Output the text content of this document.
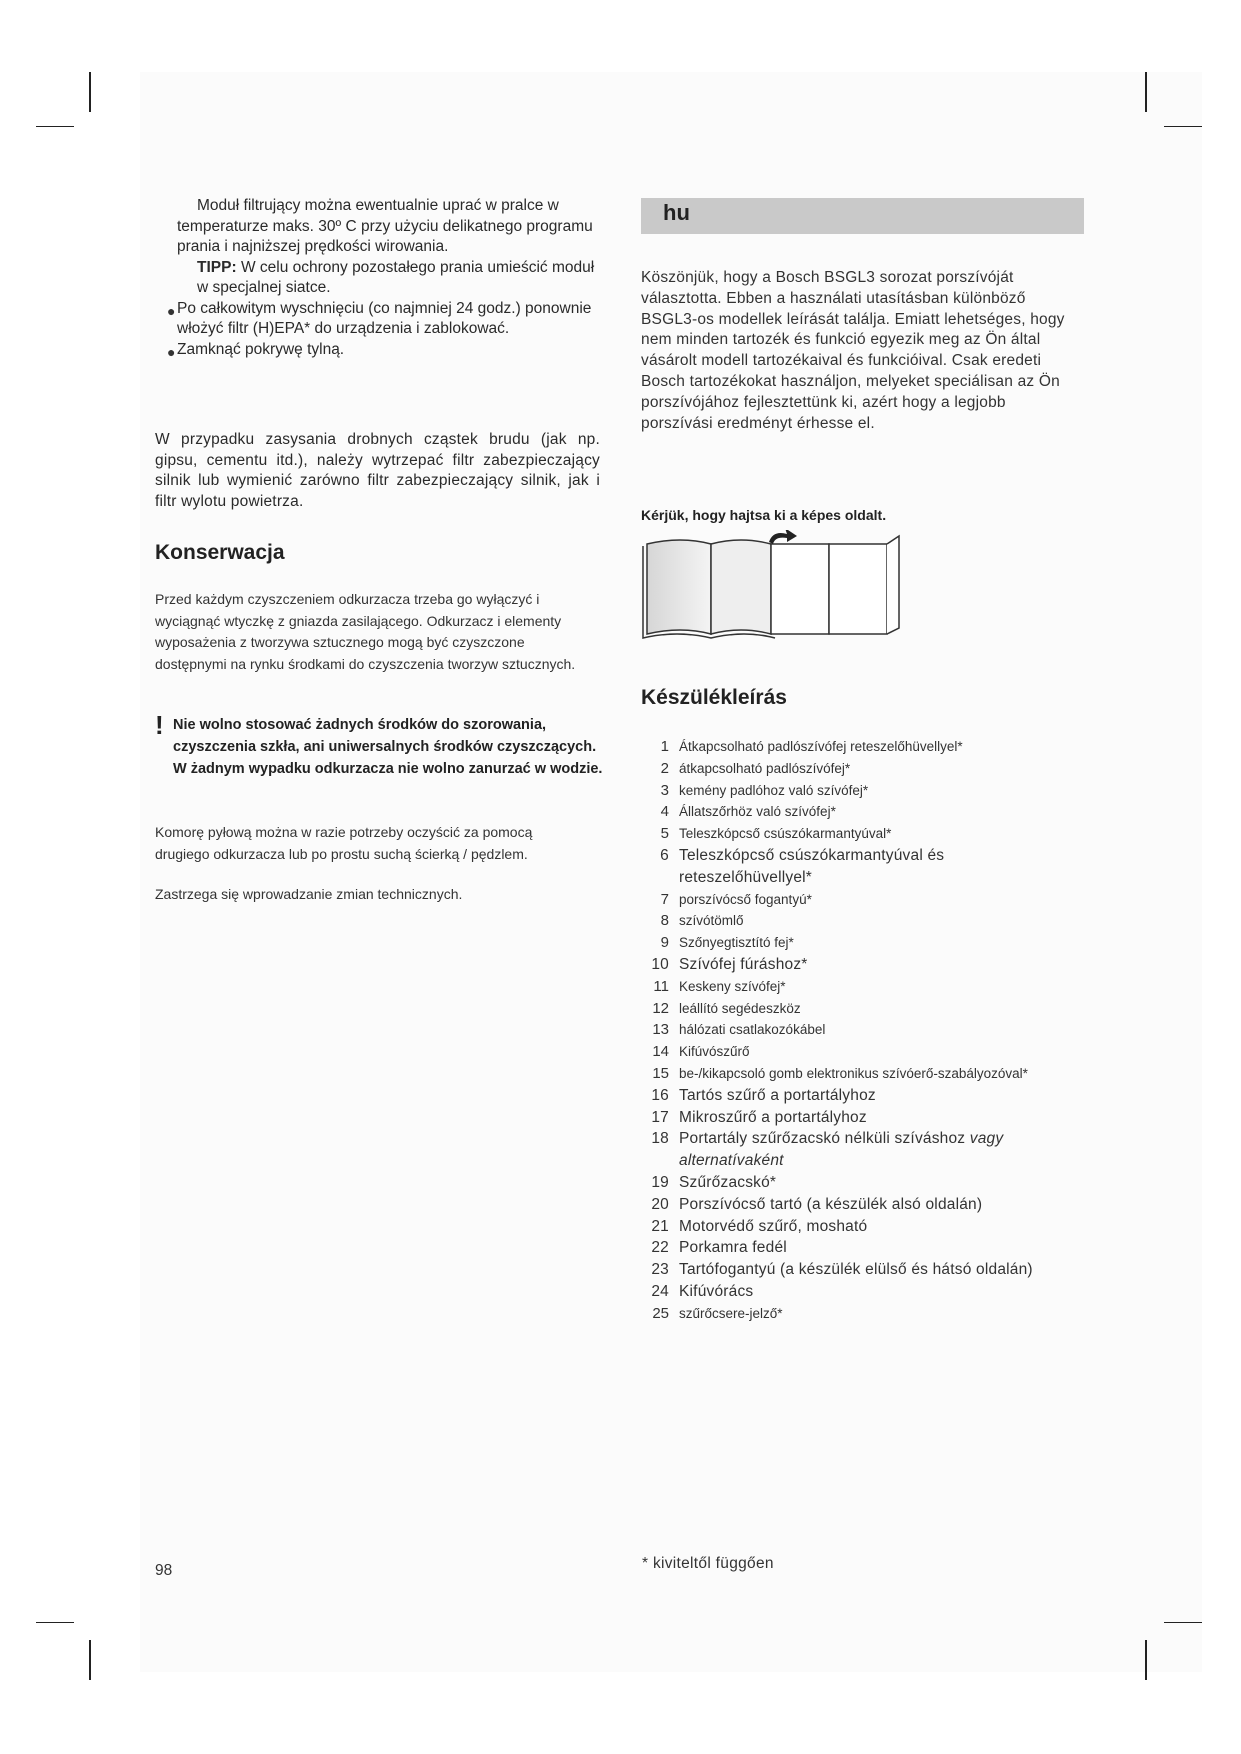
Moduł filtrujący można ewentualnie uprać w pralce w temperaturze maks. 30º C przy użyciu delikatnego programu prania i najniższej prędkości wirowania.

TIPP: W celu ochrony pozostałego prania umieścić moduł w specjalnej siatce.

● Po całkowitym wyschnięciu (co najmniej 24 godz.) ponownie włożyć filtr (H)EPA* do urządzenia i zablokować.

● Zamknąć pokrywę tylną.

W przypadku zasysania drobnych cząstek brudu (jak np. gipsu, cementu itd.), należy wytrzepać filtr zabezpieczający silnik lub wymienić zarówno filtr zabezpieczający silnik, jak i filtr wylotu powietrza.

Konserwacja

Przed każdym czyszczeniem odkurzacza trzeba go wyłączyć i wyciągnąć wtyczkę z gniazda zasilającego. Odkurzacz i elementy wyposażenia z tworzywa sztucznego mogą być czyszczone dostępnymi na rynku środkami do czyszczenia tworzyw sztucznych.

! Nie wolno stosować żadnych środków do szorowania, czyszczenia szkła, ani uniwersalnych środków czyszczących. W żadnym wypadku odkurzacza nie wolno zanurzać w wodzie.

Komorę pyłową można w razie potrzeby oczyścić za pomocą drugiego odkurzacza lub po prostu suchą ścierką / pędzlem.

Zastrzega się wprowadzanie zmian technicznych.

hu

Köszönjük, hogy a Bosch BSGL3 sorozat porszívóját választotta. Ebben a használati utasításban különböző BSGL3-os modellek leírását találja. Emiatt lehetséges, hogy nem minden tartozék és funkció egyezik meg az Ön által vásárolt modell tartozékaival és funkcióival. Csak eredeti Bosch tartozékokat használjon, melyeket speciálisan az Ön porszívójához fejlesztettünk ki, azért hogy a legjobb porszívási eredményt érhesse el.

Kérjük, hogy hajtsa ki a képes oldalt.

Készülékleírás
1 Átkapcsolható padlószívófej reteszelőhüvellyel*
2 átkapcsolható padlószívófej*
3 kemény padlóhoz való szívófej*
4 Állatszőrhöz való szívófej*
5 Teleszkópcső csúszókarmantyúval*
6 Teleszkópcső csúszókarmantyúval és reteszelőhüvellyel*
7 porszívócső fogantyú*
8 szívótömlő
9 Szőnyegtisztító fej*
10 Szívófej fúráshoz*
11 Keskeny szívófej*
12 leállító segédeszköz
13 hálózati csatlakozókábel
14 Kifúvószűrő
15 be-/kikapcsoló gomb elektronikus szívóerő-szabályozóval*
16 Tartós szűrő a portartályhoz
17 Mikroszűrő a portartályhoz
18 Portartály szűrőzacskó nélküli szíváshoz vagy alternatívaként
19 Szűrőzacskó*
20 Porszívócső tartó (a készülék alsó oldalán)
21 Motorvédő szűrő, mosható
22 Porkamra fedél
23 Tartófogantyú (a készülék elülső és hátsó oldalán)
24 Kifúvórács
25 szűrőcsere-jelző*
* kiviteltől függően
98
